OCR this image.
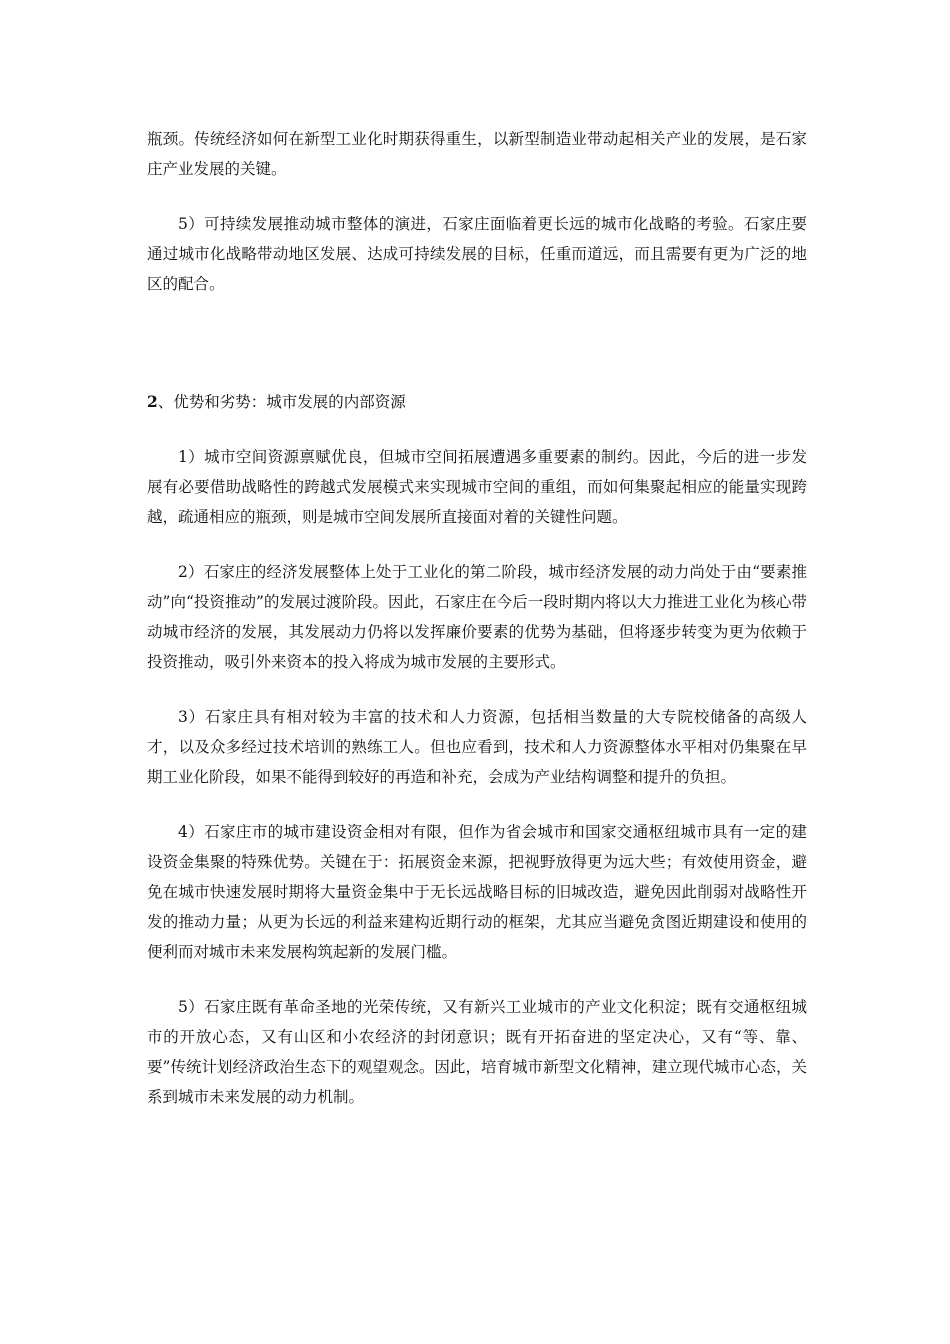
瓶颈。传统经济如何在新型工业化时期获得重生，以新型制造业带动起相关产业的发展，是石家庄产业发展的关键。

5）可持续发展推动城市整体的演进，石家庄面临着更长远的城市化战略的考验。石家庄要通过城市化战略带动地区发展、达成可持续发展的目标，任重而道远，而且需要有更为广泛的地区的配合。

2、优势和劣势：城市发展的内部资源

1）城市空间资源禀赋优良，但城市空间拓展遭遇多重要素的制约。因此，今后的进一步发展有必要借助战略性的跨越式发展模式来实现城市空间的重组，而如何集聚起相应的能量实现跨越，疏通相应的瓶颈，则是城市空间发展所直接面对着的关键性问题。

2）石家庄的经济发展整体上处于工业化的第二阶段，城市经济发展的动力尚处于由“要素推动”向“投资推动”的发展过渡阶段。因此，石家庄在今后一段时期内将以大力推进工业化为核心带动城市经济的发展，其发展动力仍将以发挥廉价要素的优势为基础，但将逐步转变为更为依赖于投资推动，吸引外来资本的投入将成为城市发展的主要形式。

3）石家庄具有相对较为丰富的技术和人力资源，包括相当数量的大专院校储备的高级人才，以及众多经过技术培训的熟练工人。但也应看到，技术和人力资源整体水平相对仍集聚在早期工业化阶段，如果不能得到较好的再造和补充，会成为产业结构调整和提升的负担。

4）石家庄市的城市建设资金相对有限，但作为省会城市和国家交通枢纽城市具有一定的建设资金集聚的特殊优势。关键在于：拓展资金来源，把视野放得更为远大些；有效使用资金，避免在城市快速发展时期将大量资金集中于无长远战略目标的旧城改造，避免因此削弱对战略性开发的推动力量；从更为长远的利益来建构近期行动的框架，尤其应当避免贪图近期建设和使用的便利而对城市未来发展构筑起新的发展门槛。

5）石家庄既有革命圣地的光荣传统，又有新兴工业城市的产业文化积淀；既有交通枢纽城市的开放心态，又有山区和小农经济的封闭意识；既有开拓奋进的坚定决心，又有“等、靠、要”传统计划经济政治生态下的观望观念。因此，培育城市新型文化精神，建立现代城市心态，关系到城市未来发展的动力机制。
